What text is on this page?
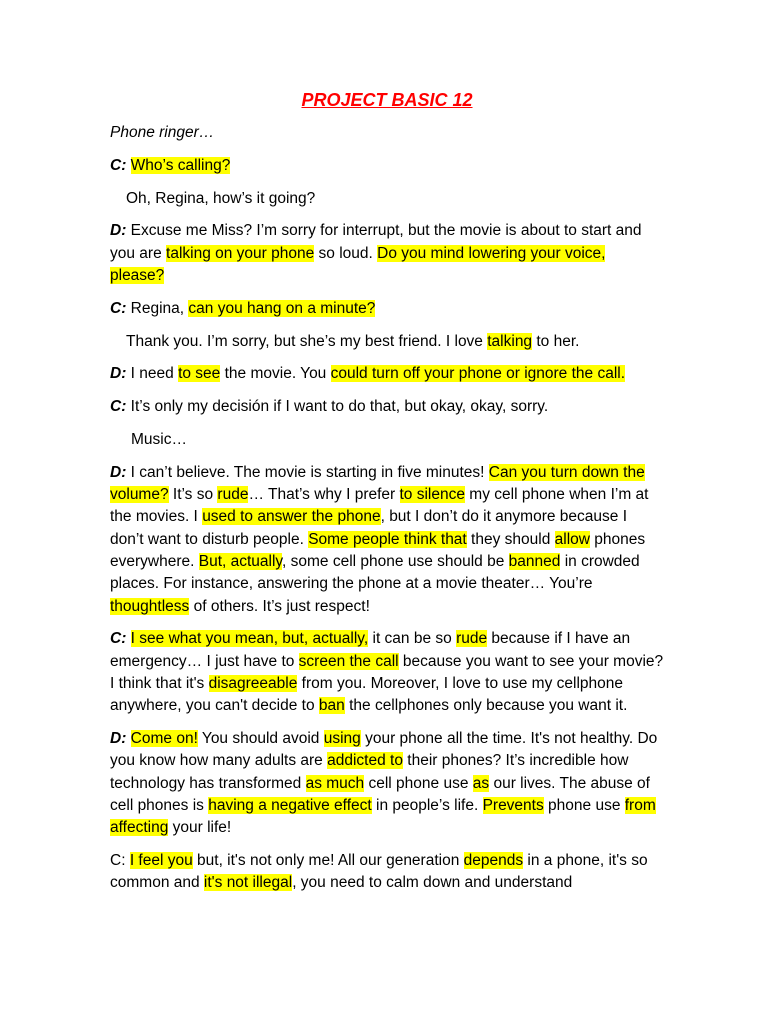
PROJECT BASIC 12

Phone ringer…

C: Who’s calling?

Oh, Regina, how’s it going?

D: Excuse me Miss? I’m sorry for interrupt, but the movie is about to start and you are talking on your phone so loud. Do you mind lowering your voice, please?

C: Regina, can you hang on a minute?

Thank you. I’m sorry, but she’s my best friend. I love talking to her.

D: I need to see the movie. You could turn off your phone or ignore the call.

C: It’s only my decisión if I want to do that, but okay, okay, sorry.

Music…

D: I can’t believe. The movie is starting in five minutes! Can you turn down the volume? It’s so rude… That’s why I prefer to silence my cell phone when I’m at the movies. I used to answer the phone, but I don’t do it anymore because I don’t want to disturb people. Some people think that they should allow phones everywhere. But, actually, some cell phone use should be banned in crowded places. For instance, answering the phone at a movie theater… You’re thoughtless of others. It’s just respect!

C: I see what you mean, but, actually, it can be so rude because if I have an emergency… I just have to screen the call because you want to see your movie? I think that it's disagreeable from you. Moreover, I love to use my cellphone anywhere, you can't decide to ban the cellphones only because you want it.

D: Come on! You should avoid using your phone all the time. It's not healthy. Do you know how many adults are addicted to their phones? It’s incredible how technology has transformed as much cell phone use as our lives. The abuse of cell phones is having a negative effect in people’s life. Prevents phone use from affecting your life!

C: I feel you but, it's not only me! All our generation depends in a phone, it's so common and it's not illegal, you need to calm down and understand
